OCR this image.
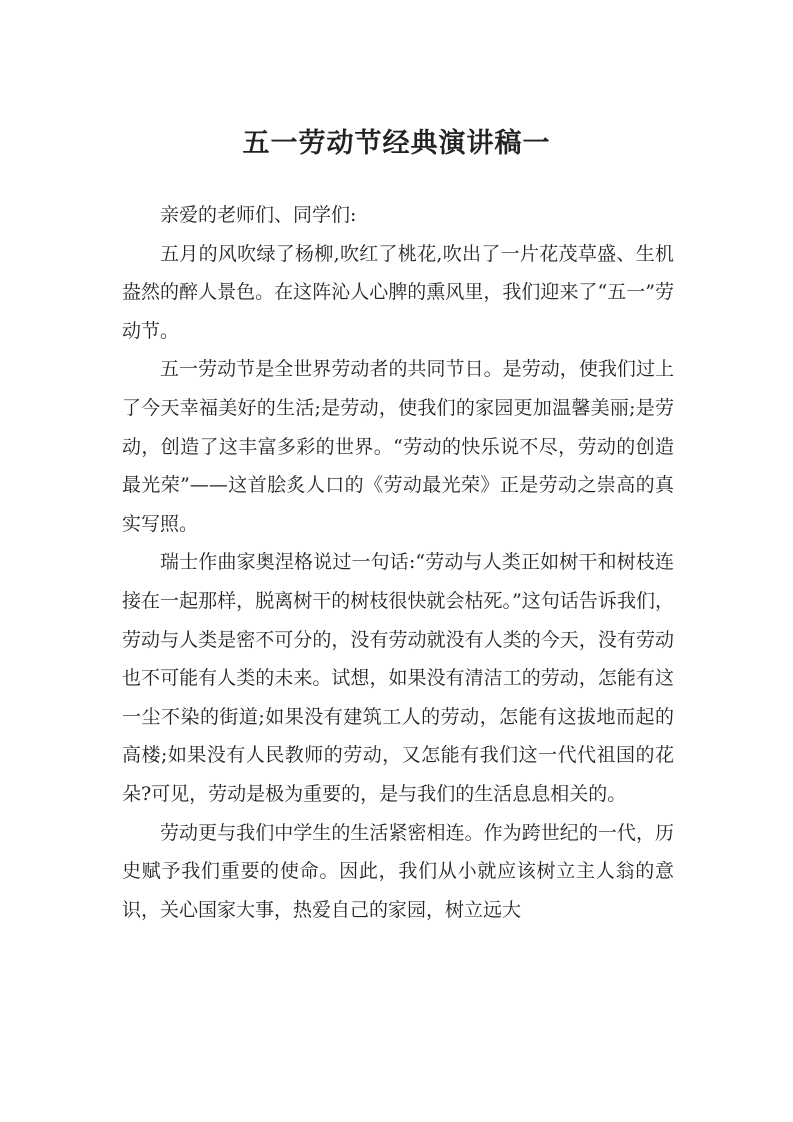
五一劳动节经典演讲稿一

亲爱的老师们、同学们:

五月的风吹绿了杨柳,吹红了桃花,吹出了一片花茂草盛、生机盎然的醉人景色。在这阵沁人心脾的熏风里，我们迎来了“五一”劳动节。

五一劳动节是全世界劳动者的共同节日。是劳动，使我们过上了今天幸福美好的生活;是劳动，使我们的家园更加温馨美丽;是劳动，创造了这丰富多彩的世界。“劳动的快乐说不尽，劳动的创造最光荣”——这首脍炙人口的《劳动最光荣》正是劳动之崇高的真实写照。

瑞士作曲家奥涅格说过一句话:“劳动与人类正如树干和树枝连接在一起那样，脱离树干的树枝很快就会枯死。”这句话告诉我们，劳动与人类是密不可分的，没有劳动就没有人类的今天，没有劳动也不可能有人类的未来。试想，如果没有清洁工的劳动，怎能有这一尘不染的街道;如果没有建筑工人的劳动，怎能有这拔地而起的高楼;如果没有人民教师的劳动，又怎能有我们这一代代祖国的花朵?可见，劳动是极为重要的，是与我们的生活息息相关的。

劳动更与我们中学生的生活紧密相连。作为跨世纪的一代，历史赋予我们重要的使命。因此，我们从小就应该树立主人翁的意识，关心国家大事，热爱自己的家园，树立远大
